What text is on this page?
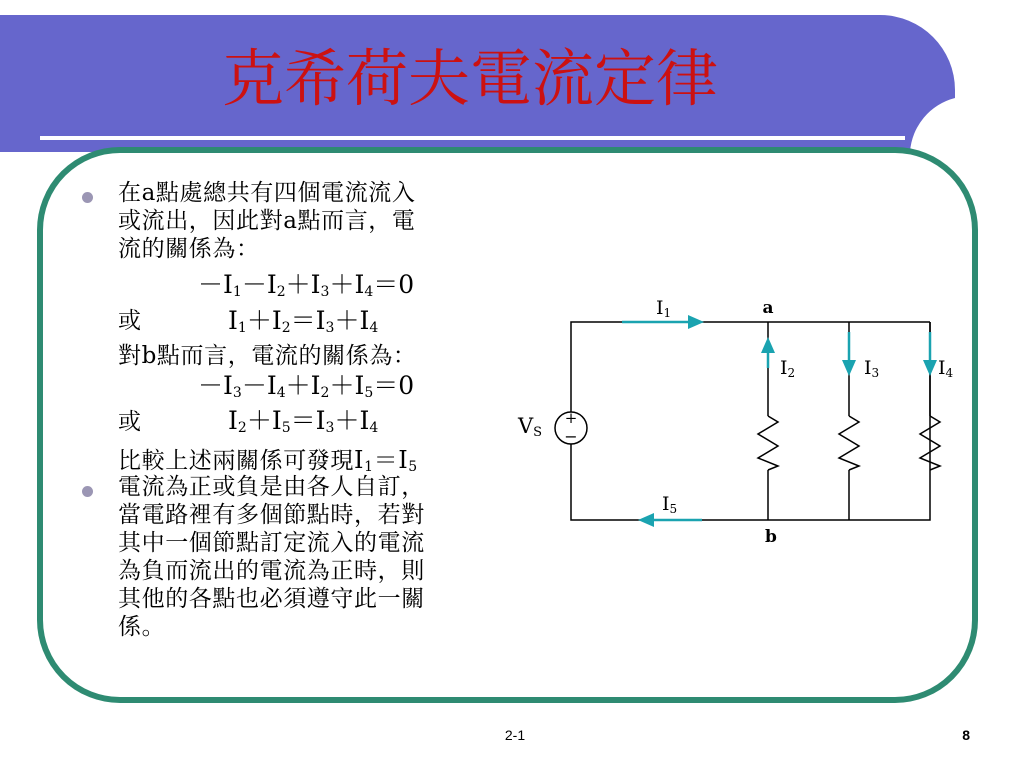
克希荷夫電流定律
在a點處總共有四個電流流入
或流出，因此對a點而言，電
流的關係為：
$-I_1-I_2+I_3+I_4=0$
或	$I_1+I_2=I_3+I_4$
對b點而言，電流的關係為：
$-I_3-I_4+I_2+I_5=0$
或	$I_2+I_5=I_3+I_4$
比較上述兩關係可發現$I_1=I_5$
電流為正或負是由各人自訂，
當電路裡有多個節點時，若對
其中一個節點訂定流入的電流
為負而流出的電流為正時，則
其他的各點也必須遵守此一關
係。
+
−
VS
a
b
I1
I2	I3	I4
I5
2-1	8
